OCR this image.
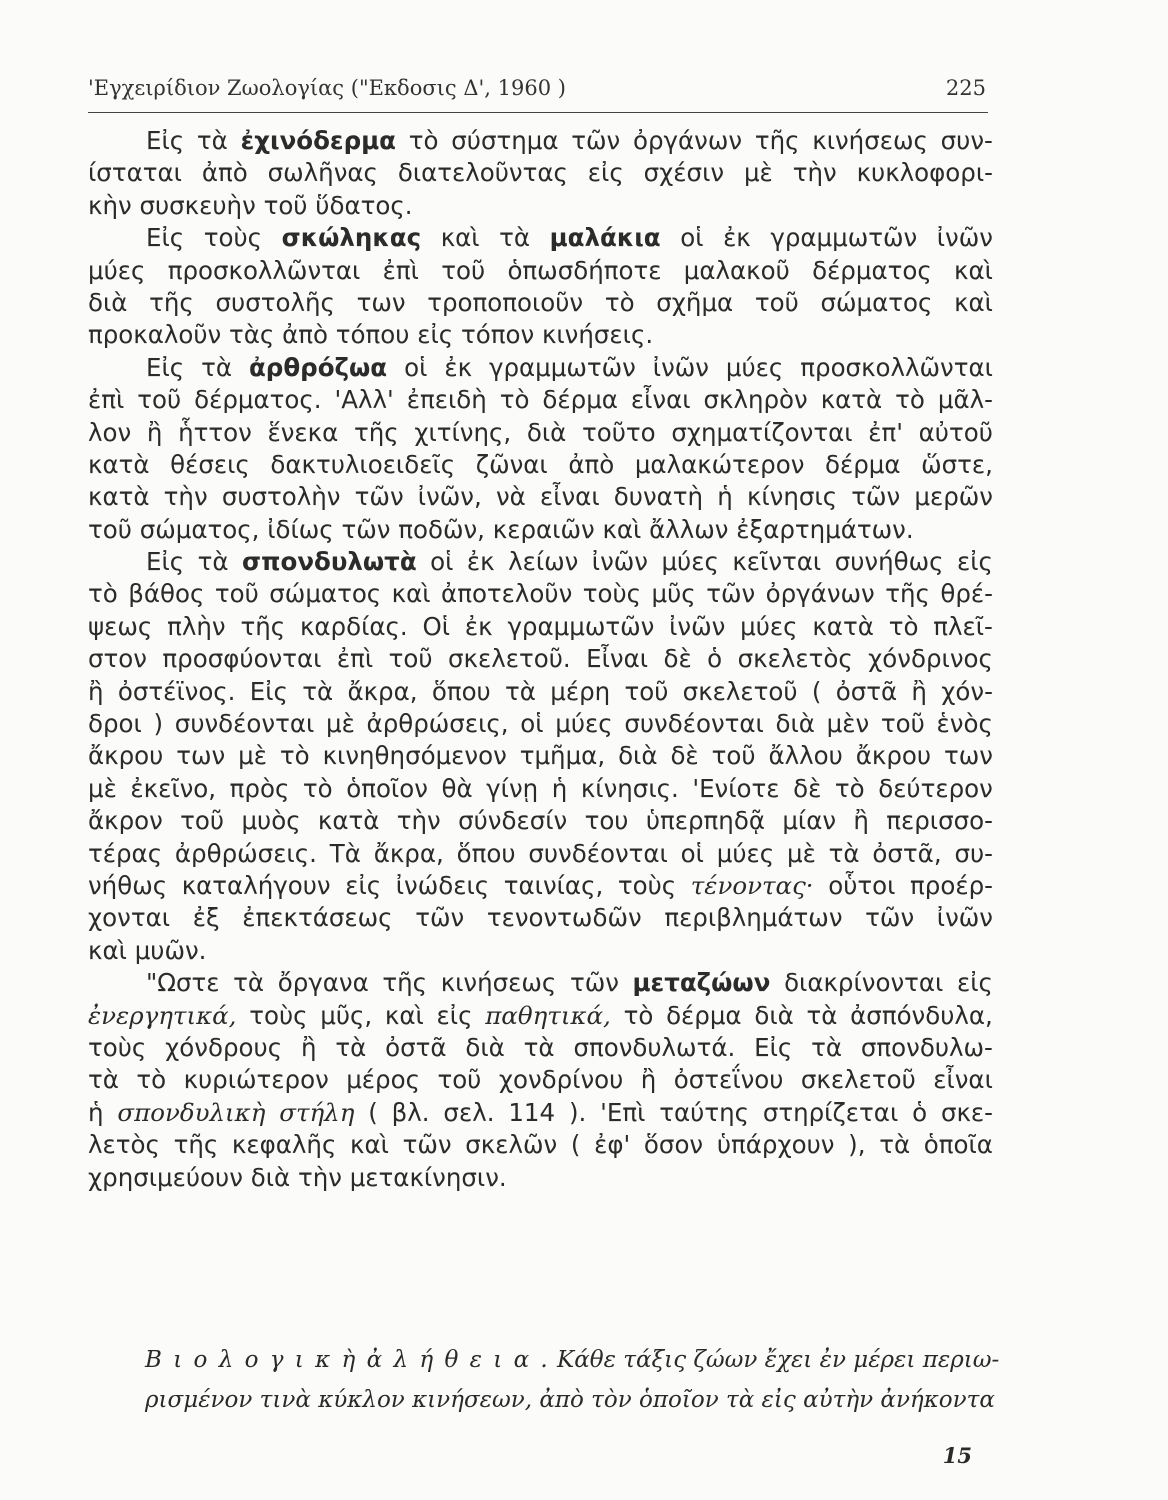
'Εγχειρίδιον Ζωολογίας ("Εκδοσις Δ', 1960 )	225
Εἰς τὰ ἐχινόδερμα τὸ σύστημα τῶν ὀργάνων τῆς κινήσεως συν-
ίσταται ἀπὸ σωλῆνας διατελοῦντας εἰς σχέσιν μὲ τὴν κυκλοφορι-
κὴν συσκευὴν τοῦ ὕδατος.
Εἰς τοὺς σκώληκας καὶ τὰ μαλάκια οἱ ἐκ γραμμωτῶν ἰνῶν
μύες προσκολλῶνται ἐπὶ τοῦ ὁπωσδήποτε μαλακοῦ δέρματος καὶ
διὰ τῆς συστολῆς των τροποποιοῦν τὸ σχῆμα τοῦ σώματος καὶ
προκαλοῦν τὰς ἀπὸ τόπου εἰς τόπον κινήσεις.
Εἰς τὰ ἀρθρόζωα οἱ ἐκ γραμμωτῶν ἰνῶν μύες προσκολλῶνται
ἐπὶ τοῦ δέρματος. 'Αλλ' ἐπειδὴ τὸ δέρμα εἶναι σκληρὸν κατὰ τὸ μᾶλ-
λον ἢ ἧττον ἕνεκα τῆς χιτίνης, διὰ τοῦτο σχηματίζονται ἐπ' αὐτοῦ
κατὰ θέσεις δακτυλιοειδεῖς ζῶναι ἀπὸ μαλακώτερον δέρμα ὥστε,
κατὰ τὴν συστολὴν τῶν ἰνῶν, νὰ εἶναι δυνατὴ ἡ κίνησις τῶν μερῶν
τοῦ σώματος, ἰδίως τῶν ποδῶν, κεραιῶν καὶ ἄλλων ἐξαρτημάτων.
Εἰς τὰ σπονδυλωτὰ οἱ ἐκ λείων ἰνῶν μύες κεῖνται συνήθως εἰς
τὸ βάθος τοῦ σώματος καὶ ἀποτελοῦν τοὺς μῦς τῶν ὀργάνων τῆς θρέ-
ψεως πλὴν τῆς καρδίας. Οἱ ἐκ γραμμωτῶν ἰνῶν μύες κατὰ τὸ πλεῖ-
στον προσφύονται ἐπὶ τοῦ σκελετοῦ. Εἶναι δὲ ὁ σκελετὸς χόνδρινος
ἢ ὀστέϊνος. Εἰς τὰ ἄκρα, ὅπου τὰ μέρη τοῦ σκελετοῦ ( ὀστᾶ ἢ χόν-
δροι ) συνδέονται μὲ ἀρθρώσεις, οἱ μύες συνδέονται διὰ μὲν τοῦ ἑνὸς
ἄκρου των μὲ τὸ κινηθησόμενον τμῆμα, διὰ δὲ τοῦ ἄλλου ἄκρου των
μὲ ἐκεῖνο, πρὸς τὸ ὁποῖον θὰ γίνῃ ἡ κίνησις. 'Ενίοτε δὲ τὸ δεύτερον
ἄκρον τοῦ μυὸς κατὰ τὴν σύνδεσίν του ὑπερπηδᾷ μίαν ἢ περισσο-
τέρας ἀρθρώσεις. Τὰ ἄκρα, ὅπου συνδέονται οἱ μύες μὲ τὰ ὀστᾶ, συ-
νήθως καταλήγουν εἰς ἰνώδεις ταινίας, τοὺς τένοντας· οὗτοι προέρ-
χονται ἐξ ἐπεκτάσεως τῶν τενοντωδῶν περιβλημάτων τῶν ἰνῶν
καὶ μυῶν.
"Ωστε τὰ ὄργανα τῆς κινήσεως τῶν μεταζώων διακρίνονται εἰς
ἐνεργητικά, τοὺς μῦς, καὶ εἰς παθητικά, τὸ δέρμα διὰ τὰ ἀσπόνδυλα,
τοὺς χόνδρους ἢ τὰ ὀστᾶ διὰ τὰ σπονδυλωτά. Εἰς τὰ σπονδυλω-
τὰ τὸ κυριώτερον μέρος τοῦ χονδρίνου ἢ ὀστεΐνου σκελετοῦ εἶναι
ἡ σπονδυλικὴ στήλη ( βλ. σελ. 114 ). 'Επὶ ταύτης στηρίζεται ὁ σκε-
λετὸς τῆς κεφαλῆς καὶ τῶν σκελῶν ( ἐφ' ὅσον ὑπάρχουν ), τὰ ὁποῖα
χρησιμεύουν διὰ τὴν μετακίνησιν.
Β ι ο λ ο γ ι κ ὴ ἀ λ ή θ ε ι α . Κάθε τάξις ζώων ἔχει ἐν μέρει περιω-
ρισμένον τινὰ κύκλον κινήσεων, ἀπὸ τὸν ὁποῖον τὰ εἰς αὐτὴν ἀνήκοντα
15
